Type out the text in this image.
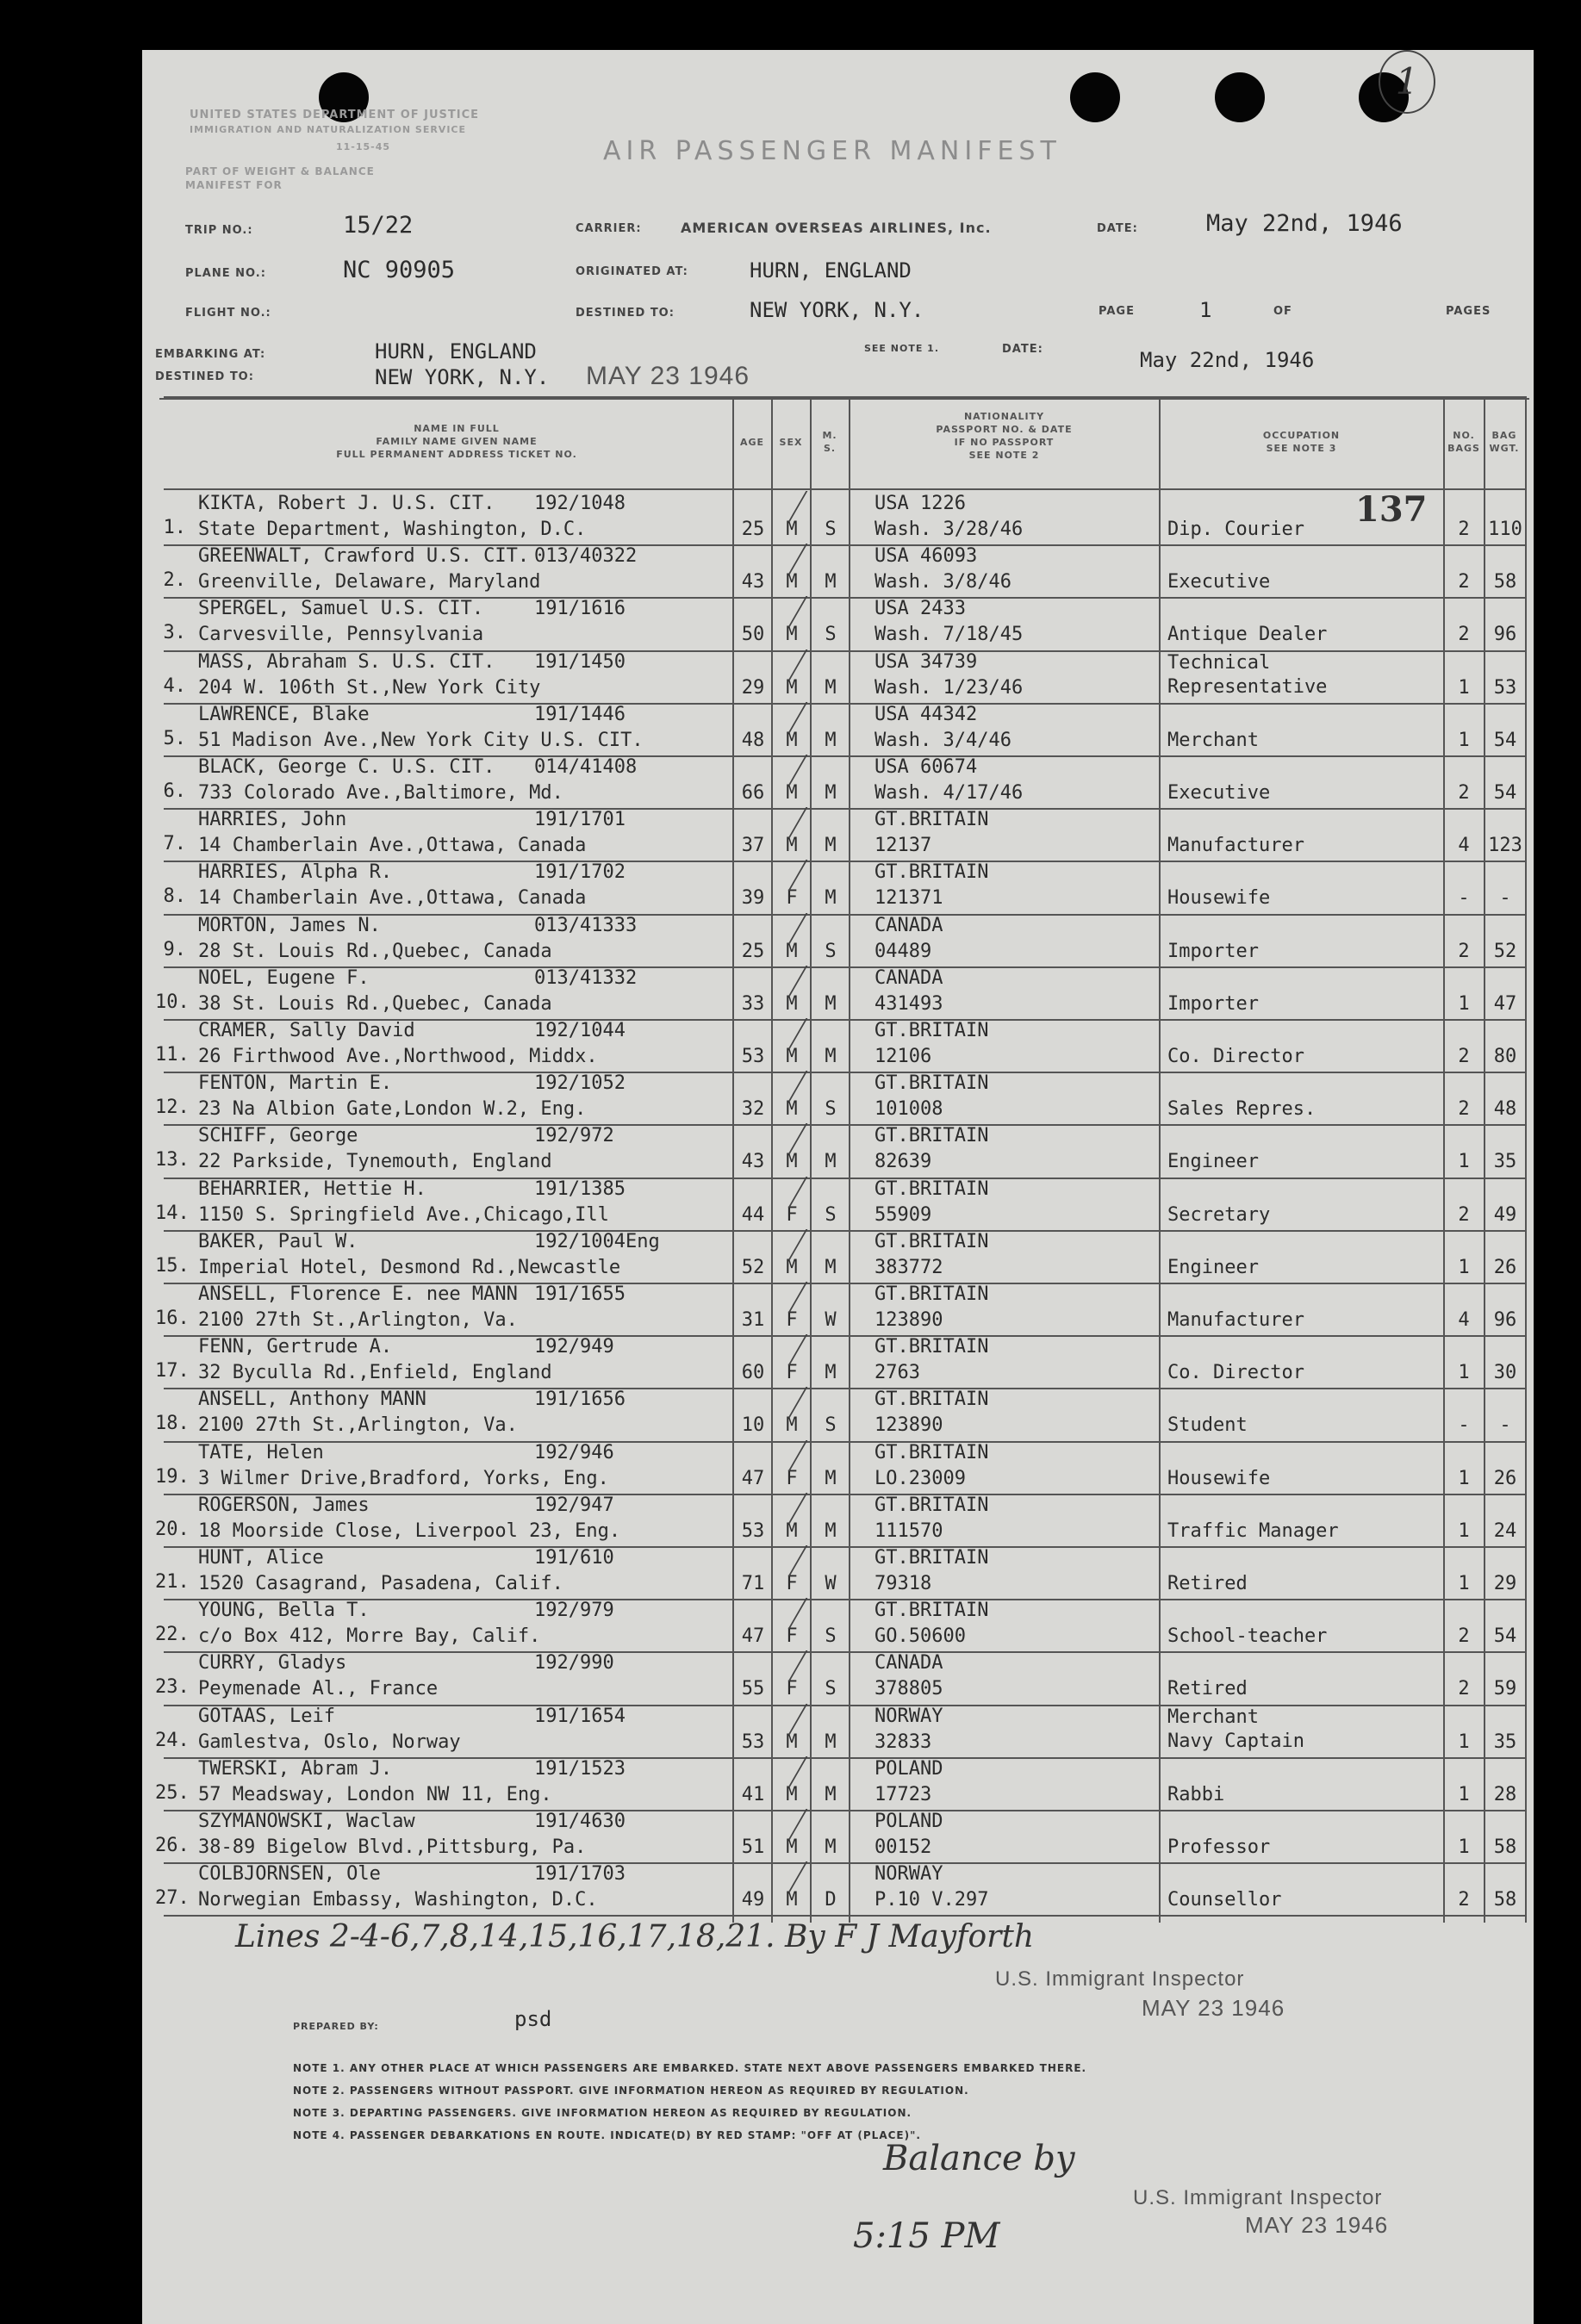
1
UNITED STATES DEPARTMENT OF JUSTICE
IMMIGRATION AND NATURALIZATION SERVICE
11-15-45
PART OF WEIGHT & BALANCE
MANIFEST FOR
AIR PASSENGER MANIFEST
TRIP NO.:	15/22	CARRIER:	AMERICAN OVERSEAS AIRLINES, Inc.	DATE:	May 22nd, 1946
PLANE NO.:	NC 90905	ORIGINATED AT:	HURN, ENGLAND
FLIGHT NO.:	DESTINED TO:	NEW YORK, N.Y.	PAGE	1	OF	PAGES
EMBARKING AT:	HURN, ENGLAND	SEE NOTE 1.	DATE:	May 22nd, 1946
DESTINED TO:	NEW YORK, N.Y. MAY 23 1946
NAME IN FULL
FAMILY NAME GIVEN NAME
FULL PERMANENT ADDRESS TICKET NO.
AGE	SEX
M.
S.
NATIONALITY
PASSPORT NO. & DATE
IF NO PASSPORT
SEE NOTE 2
OCCUPATION
SEE NOTE 3
NO.
BAGS
BAG
WGT.
1.
KIKTA, Robert J. U.S. CIT. 192/1048
State Department, Washington, D.C.	25	M	S
USA 1226
Wash. 3/28/46	Dip. Courier	2 110
2.
GREENWALT, Crawford U.S. CIT. 013/40322
Greenville, Delaware, Maryland	43	M	M
USA 46093
Wash. 3/8/46	Executive	2	58
3.
SPERGEL, Samuel U.S. CIT.	191/1616
Carvesville, Pennsylvania	50	M	S
USA 2433
Wash. 7/18/45	Antique Dealer	2	96
4.
MASS, Abraham S. U.S. CIT. 191/1450
204 W. 106th St.,New York City	29	M	M
USA 34739
Wash. 1/23/46
Technical
Representative	1	53
5.
LAWRENCE, Blake	191/1446
51 Madison Ave.,New York City U.S. CIT.	48	M	M
USA 44342
Wash. 3/4/46	Merchant	1	54
6.
BLACK, George C. U.S. CIT. 014/41408
733 Colorado Ave.,Baltimore, Md.	66	M	M
USA 60674
Wash. 4/17/46	Executive	2	54
7.
HARRIES, John	191/1701
14 Chamberlain Ave.,Ottawa, Canada	37	M	M
GT.BRITAIN
12137	Manufacturer	4 123
8.
HARRIES, Alpha R.	191/1702
14 Chamberlain Ave.,Ottawa, Canada	39	F	M
GT.BRITAIN
121371	Housewife	-	-
9.
MORTON, James N.	013/41333
28 St. Louis Rd.,Quebec, Canada	25	M	S
CANADA
04489	Importer	2	52
10.
NOEL, Eugene F.	013/41332
38 St. Louis Rd.,Quebec, Canada	33	M	M
CANADA
431493	Importer	1	47
11.
CRAMER, Sally David	192/1044
26 Firthwood Ave.,Northwood, Middx.	53	M	M
GT.BRITAIN
12106	Co. Director	2	80
12.
FENTON, Martin E.	192/1052
23 Na Albion Gate,London W.2, Eng.	32	M	S
GT.BRITAIN
101008	Sales Repres.	2	48
13.
SCHIFF, George	192/972
22 Parkside, Tynemouth, England	43	M	M
GT.BRITAIN
82639	Engineer	1	35
14.
BEHARRIER, Hettie H.	191/1385
1150 S. Springfield Ave.,Chicago,Ill	44	F	S
GT.BRITAIN
55909	Secretary	2	49
15.
BAKER, Paul W.	192/1004Eng
Imperial Hotel, Desmond Rd.,Newcastle	52	M	M
GT.BRITAIN
383772	Engineer	1	26
16.
ANSELL, Florence E. nee MANN 191/1655
2100 27th St.,Arlington, Va.	31	F	W
GT.BRITAIN
123890	Manufacturer	4	96
17.
FENN, Gertrude A.	192/949
32 Byculla Rd.,Enfield, England	60	F	M
GT.BRITAIN
2763	Co. Director	1	30
18.
ANSELL, Anthony MANN	191/1656
2100 27th St.,Arlington, Va.	10	M	S
GT.BRITAIN
123890	Student	-	-
19.
TATE, Helen	192/946
3 Wilmer Drive,Bradford, Yorks, Eng.	47	F	M
GT.BRITAIN
LO.23009	Housewife	1	26
20.
ROGERSON, James	192/947
18 Moorside Close, Liverpool 23, Eng.	53	M	M
GT.BRITAIN
111570	Traffic Manager	1	24
21.
HUNT, Alice	191/610
1520 Casagrand, Pasadena, Calif.	71	F	W
GT.BRITAIN
79318	Retired	1	29
22.
YOUNG, Bella T.	192/979
c/o Box 412, Morre Bay, Calif.	47	F	S
GT.BRITAIN
GO.50600	School-teacher	2	54
23.
CURRY, Gladys	192/990
Peymenade Al., France	55	F	S
CANADA
378805	Retired	2	59
24.
GOTAAS, Leif	191/1654
Gamlestva, Oslo, Norway	53	M	M
NORWAY
32833
Merchant
Navy Captain	1	35
25.
TWERSKI, Abram J.	191/1523
57 Meadsway, London NW 11, Eng.	41	M	M
POLAND
17723	Rabbi	1	28
26.
SZYMANOWSKI, Waclaw	191/4630
38-89 Bigelow Blvd.,Pittsburg, Pa.	51	M	M
POLAND
00152	Professor	1	58
27.
COLBJORNSEN, Ole	191/1703
Norwegian Embassy, Washington, D.C.	49	M	D
NORWAY
P.10 V.297	Counsellor	2	58
137
Lines 2-4-6,7,8,14,15,16,17,18,21. By F J Mayforth
U.S. Immigrant Inspector
MAY 23 1946
PREPARED BY:	psd
NOTE 1. ANY OTHER PLACE AT WHICH PASSENGERS ARE EMBARKED. STATE NEXT ABOVE PASSENGERS EMBARKED THERE.
NOTE 2. PASSENGERS WITHOUT PASSPORT. GIVE INFORMATION HEREON AS REQUIRED BY REGULATION.
NOTE 3. DEPARTING PASSENGERS. GIVE INFORMATION HEREON AS REQUIRED BY REGULATION.
NOTE 4. PASSENGER DEBARKATIONS EN ROUTE. INDICATE(D) BY RED STAMP: "OFF AT (PLACE)".
Balance by
U.S. Immigrant Inspector
MAY 23 1946
5:15 PM
